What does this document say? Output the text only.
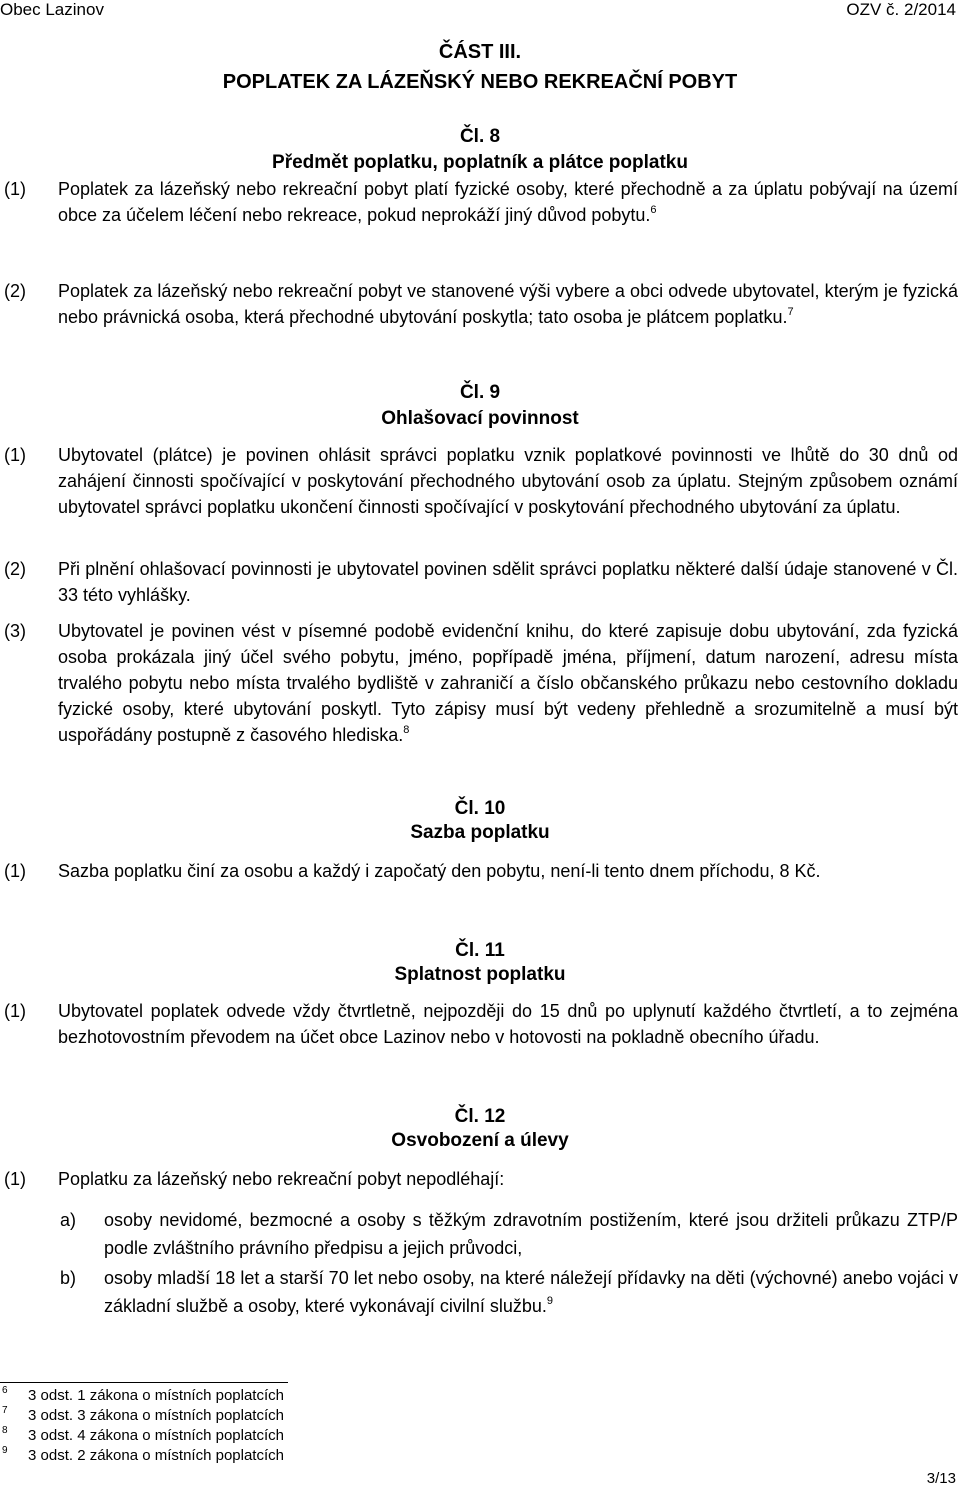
Obec Lazinov	OZV č. 2/2014
ČÁST III.
POPLATEK ZA LÁZEŇSKÝ NEBO REKREAČNÍ POBYT
Čl. 8
Předmět poplatku, poplatník a plátce poplatku
(1) Poplatek za lázeňský nebo rekreační pobyt platí fyzické osoby, které přechodně a za úplatu pobývají na území obce za účelem léčení nebo rekreace, pokud neprokáží jiný důvod pobytu.$^6$
(2) Poplatek za lázeňský nebo rekreační pobyt ve stanovené výši vybere a obci odvede ubytovatel, kterým je fyzická nebo právnická osoba, která přechodné ubytování poskytla; tato osoba je plátcem poplatku.$^7$
Čl. 9
Ohlašovací povinnost
(1) Ubytovatel (plátce) je povinen ohlásit správci poplatku vznik poplatkové povinnosti ve lhůtě do 30 dnů od zahájení činnosti spočívající v poskytování přechodného ubytování osob za úplatu. Stejným způsobem oznámí ubytovatel správci poplatku ukončení činnosti spočívající v poskytování přechodného ubytování za úplatu.
(2) Při plnění ohlašovací povinnosti je ubytovatel povinen sdělit správci poplatku některé další údaje stanovené v Čl. 33 této vyhlášky.
(3) Ubytovatel je povinen vést v písemné podobě evidenční knihu, do které zapisuje dobu ubytování, zda fyzická osoba prokázala jiný účel svého pobytu, jméno, popřípadě jména, příjmení, datum narození, adresu místa trvalého pobytu nebo místa trvalého bydliště v zahraničí a číslo občanského průkazu nebo cestovního dokladu fyzické osoby, které ubytování poskytl. Tyto zápisy musí být vedeny přehledně a srozumitelně a musí být uspořádány postupně z časového hlediska.$^8$
Čl. 10
Sazba poplatku
(1) Sazba poplatku činí za osobu a každý i započatý den pobytu, není-li tento dnem příchodu, 8 Kč.
Čl. 11
Splatnost poplatku
(1) Ubytovatel poplatek odvede vždy čtvrtletně, nejpozději do 15 dnů po uplynutí každého čtvrtletí, a to zejména bezhotovostním převodem na účet obce Lazinov nebo v hotovosti na pokladně obecního úřadu.
Čl. 12
Osvobození a úlevy
(1) Poplatku za lázeňský nebo rekreační pobyt nepodléhají:
a) osoby nevidomé, bezmocné a osoby s těžkým zdravotním postižením, které jsou držiteli průkazu ZTP/P podle zvláštního právního předpisu a jejich průvodci,
b) osoby mladší 18 let a starší 70 let nebo osoby, na které náležejí přídavky na děti (výchovné) anebo vojáci v základní službě a osoby, které vykonávají civilní službu.$^9$
6 3 odst. 1 zákona o místních poplatcích
7 3 odst. 3 zákona o místních poplatcích
8 3 odst. 4 zákona o místních poplatcích
9 3 odst. 2 zákona o místních poplatcích
3/13
